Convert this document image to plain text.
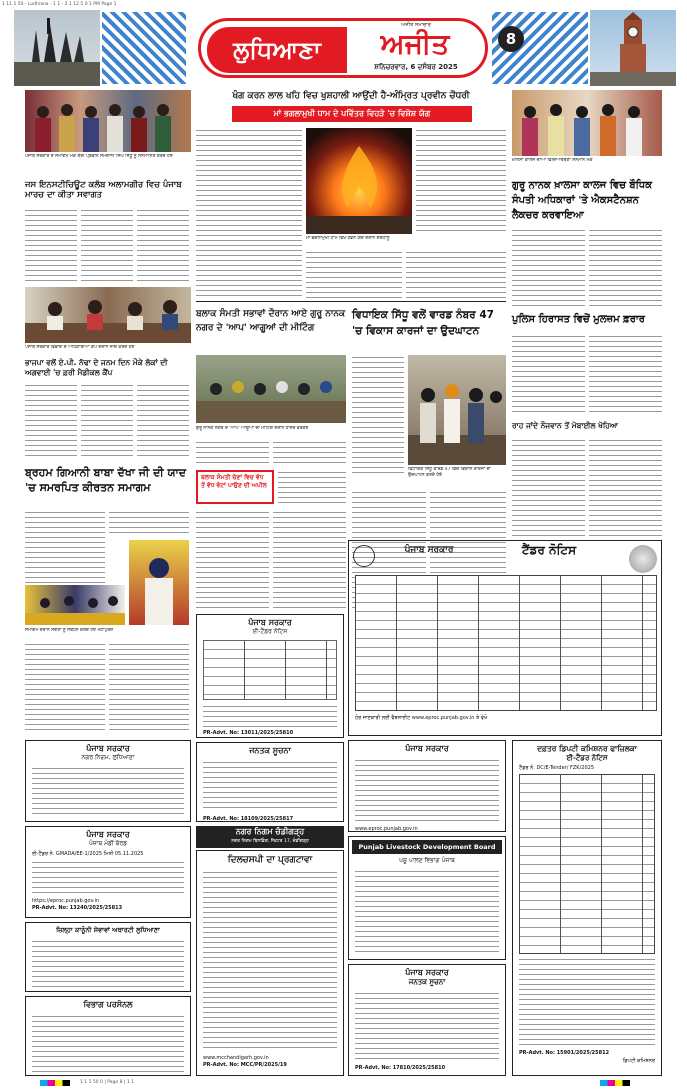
1 11 1 50 - Ludhiana - 1 1 - 2 1 12 5 0 1 PM Page 1
ਲੁਧਿਆਣਾ
ਅਜੀਤ ਸਮਾਚਾਰ
ਅਜੀਤ
ਸ਼ਨਿਚਰਵਾਰ, 6 ਦਸੰਬਰ 2025
8
ਪੰਜਾਬ ਸਰਕਾਰ ਦੇ ਸਮਾਗਮ ਮੌਕੇ ਸ਼੍ਰੀ ਪ੍ਰਵੀਨ ਸਮਦਾਨੀ ਸਿੰਘ ਸਿੱਧੂ ਨੂੰ ਸਨਮਾਨਿਤ ਕਰਦੇ ਹੋਏ
ਜਸ ਇਨਸਟੀਚਿਊਟ ਕਲੱਬ ਅਲਾਮਗੀਰ ਵਿਚ ਪੰਜਾਬ ਮਾਰਚ ਦਾ ਕੀਤਾ ਸਵਾਗਤ
ਪੰਜਾਬ ਸਰਕਾਰ ਵਿਭਾਗ ਦੇ ਅਧਿਕਾਰੀਆਂ ਕੈਂਪ ਦੌਰਾਨ ਜਾਂਚ ਕਰਦੇ ਹੋਏ
ਭਾਜਪਾ ਵਲੋਂ ਏ.ਪੀ. ਨੱਢਾ ਦੇ ਜਨਮ ਦਿਨ ਮੌਕੇ ਲੋਕਾਂ ਦੀ ਅਗਵਾਈ 'ਚ ਫ਼ਰੀ ਮੈਡੀਕਲ ਕੈਂਪ
ਬ੍ਰਹਮ ਗਿਆਨੀ ਬਾਬਾ ਦੱਖਾ ਜੀ ਦੀ ਯਾਦ 'ਚ ਸਮਰਪਿਤ ਕੀਰਤਨ ਸਮਾਗਮ
ਸਮਾਗਮ ਦੌਰਾਨ ਸੰਗਤਾਂ ਨੂੰ ਸੰਬੋਧਨ ਕਰਦੇ ਹੋਏ ਮਹਾਂਪੁਰਸ਼
ਪੰਜਾਬ ਸਰਕਾਰ
ਨਗਰ ਨਿਗਮ, ਲੁਧਿਆਣਾ
ਪੰਜਾਬ ਸਰਕਾਰ
ਪੰਜਾਬ ਮੰਡੀ ਬੋਰਡ
ਈ-ਟੈਂਡਰ ਨੰ. GMADA/EE-1/2025 ਮਿਤੀ 05.11.2025
https://eproc.punjab.gov.in
PR-Advt. No: 13240/2025/25813
ਜ਼ਿਲ੍ਹਾ ਕਾਨੂੰਨੀ ਸੇਵਾਵਾਂ ਅਥਾਰਟੀ ਲੁਧਿਆਣਾ
ਵਿਭਾਗ ਪਰਸੋਨਲ
ਖੰਗ ਕਰਨ ਲਾਲ ਖਹਿ ਵਿਚ ਖੁਸ਼ਹਾਲੀ ਆਉਂਦੀ ਹੈ-ਅੰਮ੍ਰਿਤ ਪ੍ਰਵੀਨ ਚੌਧਰੀ
ਮਾਂ ਭਗਲਾਮੁਖੀ ਧਾਮ ਦੇ ਪਵਿੱਤਰ ਵਿਹੜੇ 'ਚ ਵਿਸ਼ੇਸ਼ ਯੱਗ
ਮਾਂ ਭਗਲਾਮੁਖੀ ਧਾਮ ਵਿਖੇ ਹਵਨ ਯੱਗ ਦੌਰਾਨ ਸ਼ਰਧਾਲੂ
ਬਲਾਕ ਸੰਮਤੀ ਸਭਾਵਾਂ ਦੌਰਾਨ ਆਏ ਗੁਰੂ ਨਾਨਕ ਨਗਰ ਦੇ 'ਆਪ' ਆਗੂਆਂ ਦੀ ਮੀਟਿੰਗ
ਗੁਰੂ ਨਾਨਕ ਨਗਰ ਦੇ 'ਆਪ' ਆਗੂਆਂ ਦੀ ਮੀਟਿੰਗ ਦੌਰਾਨ ਹਾਜ਼ਰ ਵਰਕਰ
ਬਲਾਕ ਸੰਮਤੀ ਚੋਣਾਂ ਵਿਚ ਵੱਧ ਤੋਂ ਵੱਧ ਵੋਟਾਂ ਪਾਉਣ ਦੀ ਅਪੀਲ
ਵਿਧਾਇਕ ਸਿੱਧੂ ਵਲੋਂ ਵਾਰਡ ਨੰਬਰ 47 'ਚ ਵਿਕਾਸ ਕਾਰਜਾਂ ਦਾ ਉਦਘਾਟਨ
ਵਿਧਾਇਕ ਸਿੱਧੂ ਵਾਰਡ 47 ਵਿਚ ਵਿਕਾਸ ਕਾਰਜਾਂ ਦਾ ਉਦਘਾਟਨ ਕਰਦੇ ਹੋਏ
ਪੰਜਾਬ ਸਰਕਾਰ
ਈ-ਟੈਂਡਰ ਨੋਟਿਸ
PR-Advt. No: 13011/2025/25810
ਜਨਤਕ ਸੂਚਨਾ
PR-Advt. No: 18109/2025/25817
ਨਗਰ ਨਿਗਮ ਚੰਡੀਗੜ੍ਹ
ਨਗਰ ਨਿਗਮ ਬਿਲਡਿੰਗ, ਸੈਕਟਰ 17, ਚੰਡੀਗੜ੍ਹ
ਦਿਲਚਸਪੀ ਦਾ ਪ੍ਰਗਟਾਵਾ
www.mcchandigarh.gov.in
PR-Advt. No: MCC/PR/2025/19
ਪੰਜਾਬ ਸਰਕਾਰ
www.eproc.punjab.gov.in
Punjab Livestock Development Board
ਪਸ਼ੂ ਪਾਲਣ ਵਿਭਾਗ ਪੰਜਾਬ
ਪੰਜਾਬ ਸਰਕਾਰ
ਜਨਤਕ ਸੂਚਨਾ
PR-Advt. No: 17810/2025/25810
ਖ਼ਾਲਸਾ ਕਾਲਜ ਦੀਆਂ ਵਿਦਿਆਰਥਣਾਂ ਸਨਮਾਨ ਮੌਕੇ
ਗੁਰੂ ਨਾਨਕ ਖ਼ਾਲਸਾ ਕਾਲਜ ਵਿਚ ਬੌਧਿਕ ਸੰਪਤੀ ਅਧਿਕਾਰਾਂ 'ਤੇ ਐਕਸਟੈਨਸ਼ਨ ਲੈਕਚਰ ਕਰਵਾਇਆ
ਪੁਲਿਸ ਹਿਰਾਸਤ ਵਿਚੋਂ ਮੁਲਜ਼ਮ ਫ਼ਰਾਰ
ਰਾਹ ਜਾਂਦੇ ਨੌਜਵਾਨ ਤੋਂ ਮੋਬਾਈਲ ਖੋਹਿਆ
ਪੰਜਾਬ ਸਰਕਾਰ	ਟੈਂਡਰ ਨੋਟਿਸ
ਹੋਰ ਜਾਣਕਾਰੀ ਲਈ ਵੈਬਸਾਈਟ www.eproc.punjab.gov.in ਤੇ ਵੇਖੋ
ਦਫ਼ਤਰ ਡਿਪਟੀ ਕਮਿਸ਼ਨਰ ਫਾਜ਼ਿਲਕਾ
ਈ-ਟੈਂਡਰ ਨੋਟਿਸ
ਟੈਂਡਰ ਨੰ. DC/E-Tender/ FZK/2025
PR-Advt. No: 15901/2025/25812
ਡਿਪਟੀ ਕਮਿਸ਼ਨਰ
1 1 1 50 0 | Page 8 | 1 1
